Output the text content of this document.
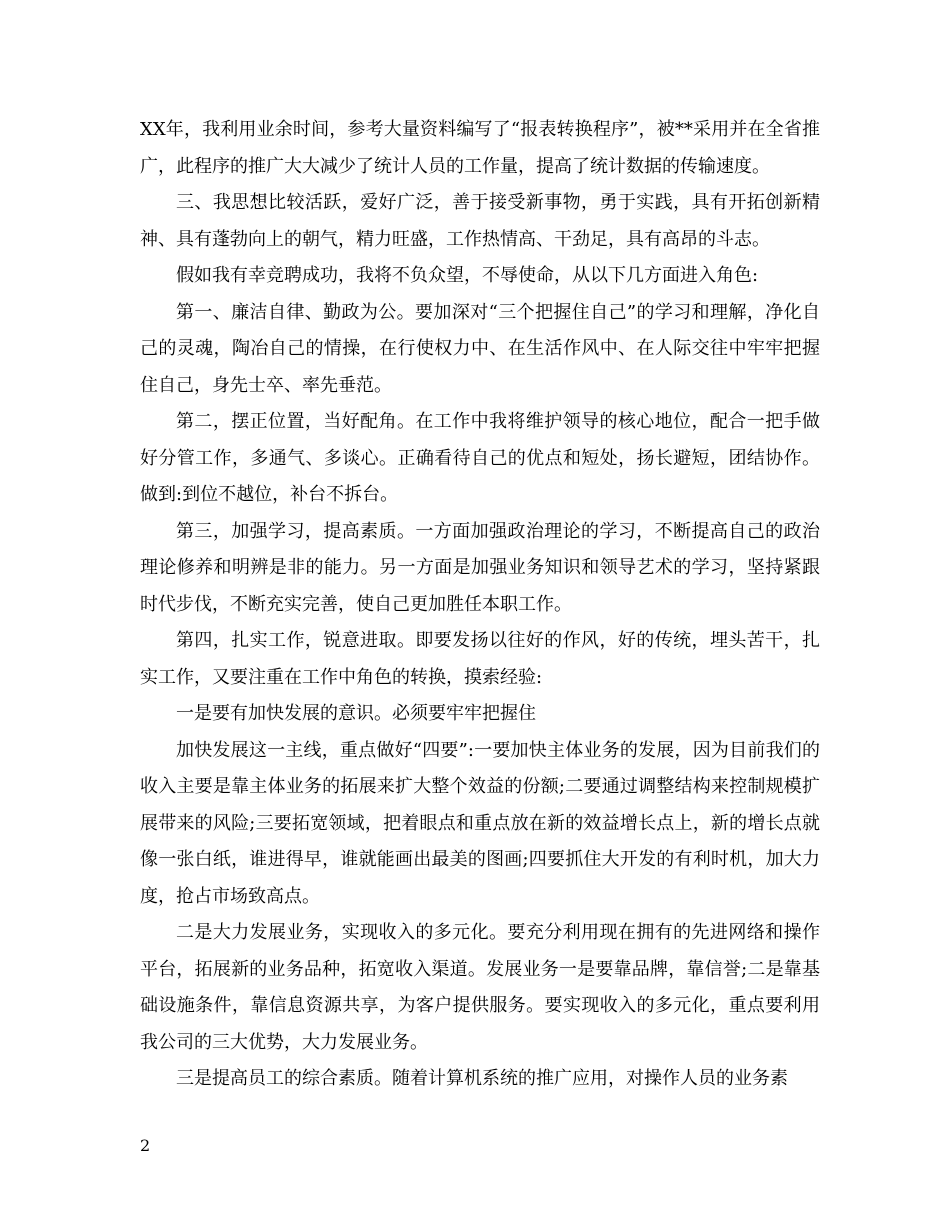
XX年，我利用业余时间，参考大量资料编写了“报表转换程序”，被**采用并在全省推广，此程序的推广大大减少了统计人员的工作量，提高了统计数据的传输速度。

三、我思想比较活跃，爱好广泛，善于接受新事物，勇于实践，具有开拓创新精神、具有蓬勃向上的朝气，精力旺盛，工作热情高、干劲足，具有高昂的斗志。

假如我有幸竞聘成功，我将不负众望，不辱使命，从以下几方面进入角色:

第一、廉洁自律、勤政为公。要加深对“三个把握住自己”的学习和理解，净化自己的灵魂，陶冶自己的情操，在行使权力中、在生活作风中、在人际交往中牢牢把握住自己，身先士卒、率先垂范。

第二，摆正位置，当好配角。在工作中我将维护领导的核心地位，配合一把手做好分管工作，多通气、多谈心。正确看待自己的优点和短处，扬长避短，团结协作。做到:到位不越位，补台不拆台。

第三，加强学习，提高素质。一方面加强政治理论的学习，不断提高自己的政治理论修养和明辨是非的能力。另一方面是加强业务知识和领导艺术的学习，坚持紧跟时代步伐，不断充实完善，使自己更加胜任本职工作。

第四，扎实工作，锐意进取。即要发扬以往好的作风，好的传统，埋头苦干，扎实工作，又要注重在工作中角色的转换，摸索经验:

一是要有加快发展的意识。必须要牢牢把握住

加快发展这一主线，重点做好“四要”:一要加快主体业务的发展，因为目前我们的收入主要是靠主体业务的拓展来扩大整个效益的份额;二要通过调整结构来控制规模扩展带来的风险;三要拓宽领域，把着眼点和重点放在新的效益增长点上，新的增长点就像一张白纸，谁进得早，谁就能画出最美的图画;四要抓住大开发的有利时机，加大力度，抢占市场致高点。

二是大力发展业务，实现收入的多元化。要充分利用现在拥有的先进网络和操作平台，拓展新的业务品种，拓宽收入渠道。发展业务一是要靠品牌，靠信誉;二是靠基础设施条件，靠信息资源共享，为客户提供服务。要实现收入的多元化，重点要利用我公司的三大优势，大力发展业务。

三是提高员工的综合素质。随着计算机系统的推广应用，对操作人员的业务素

2
